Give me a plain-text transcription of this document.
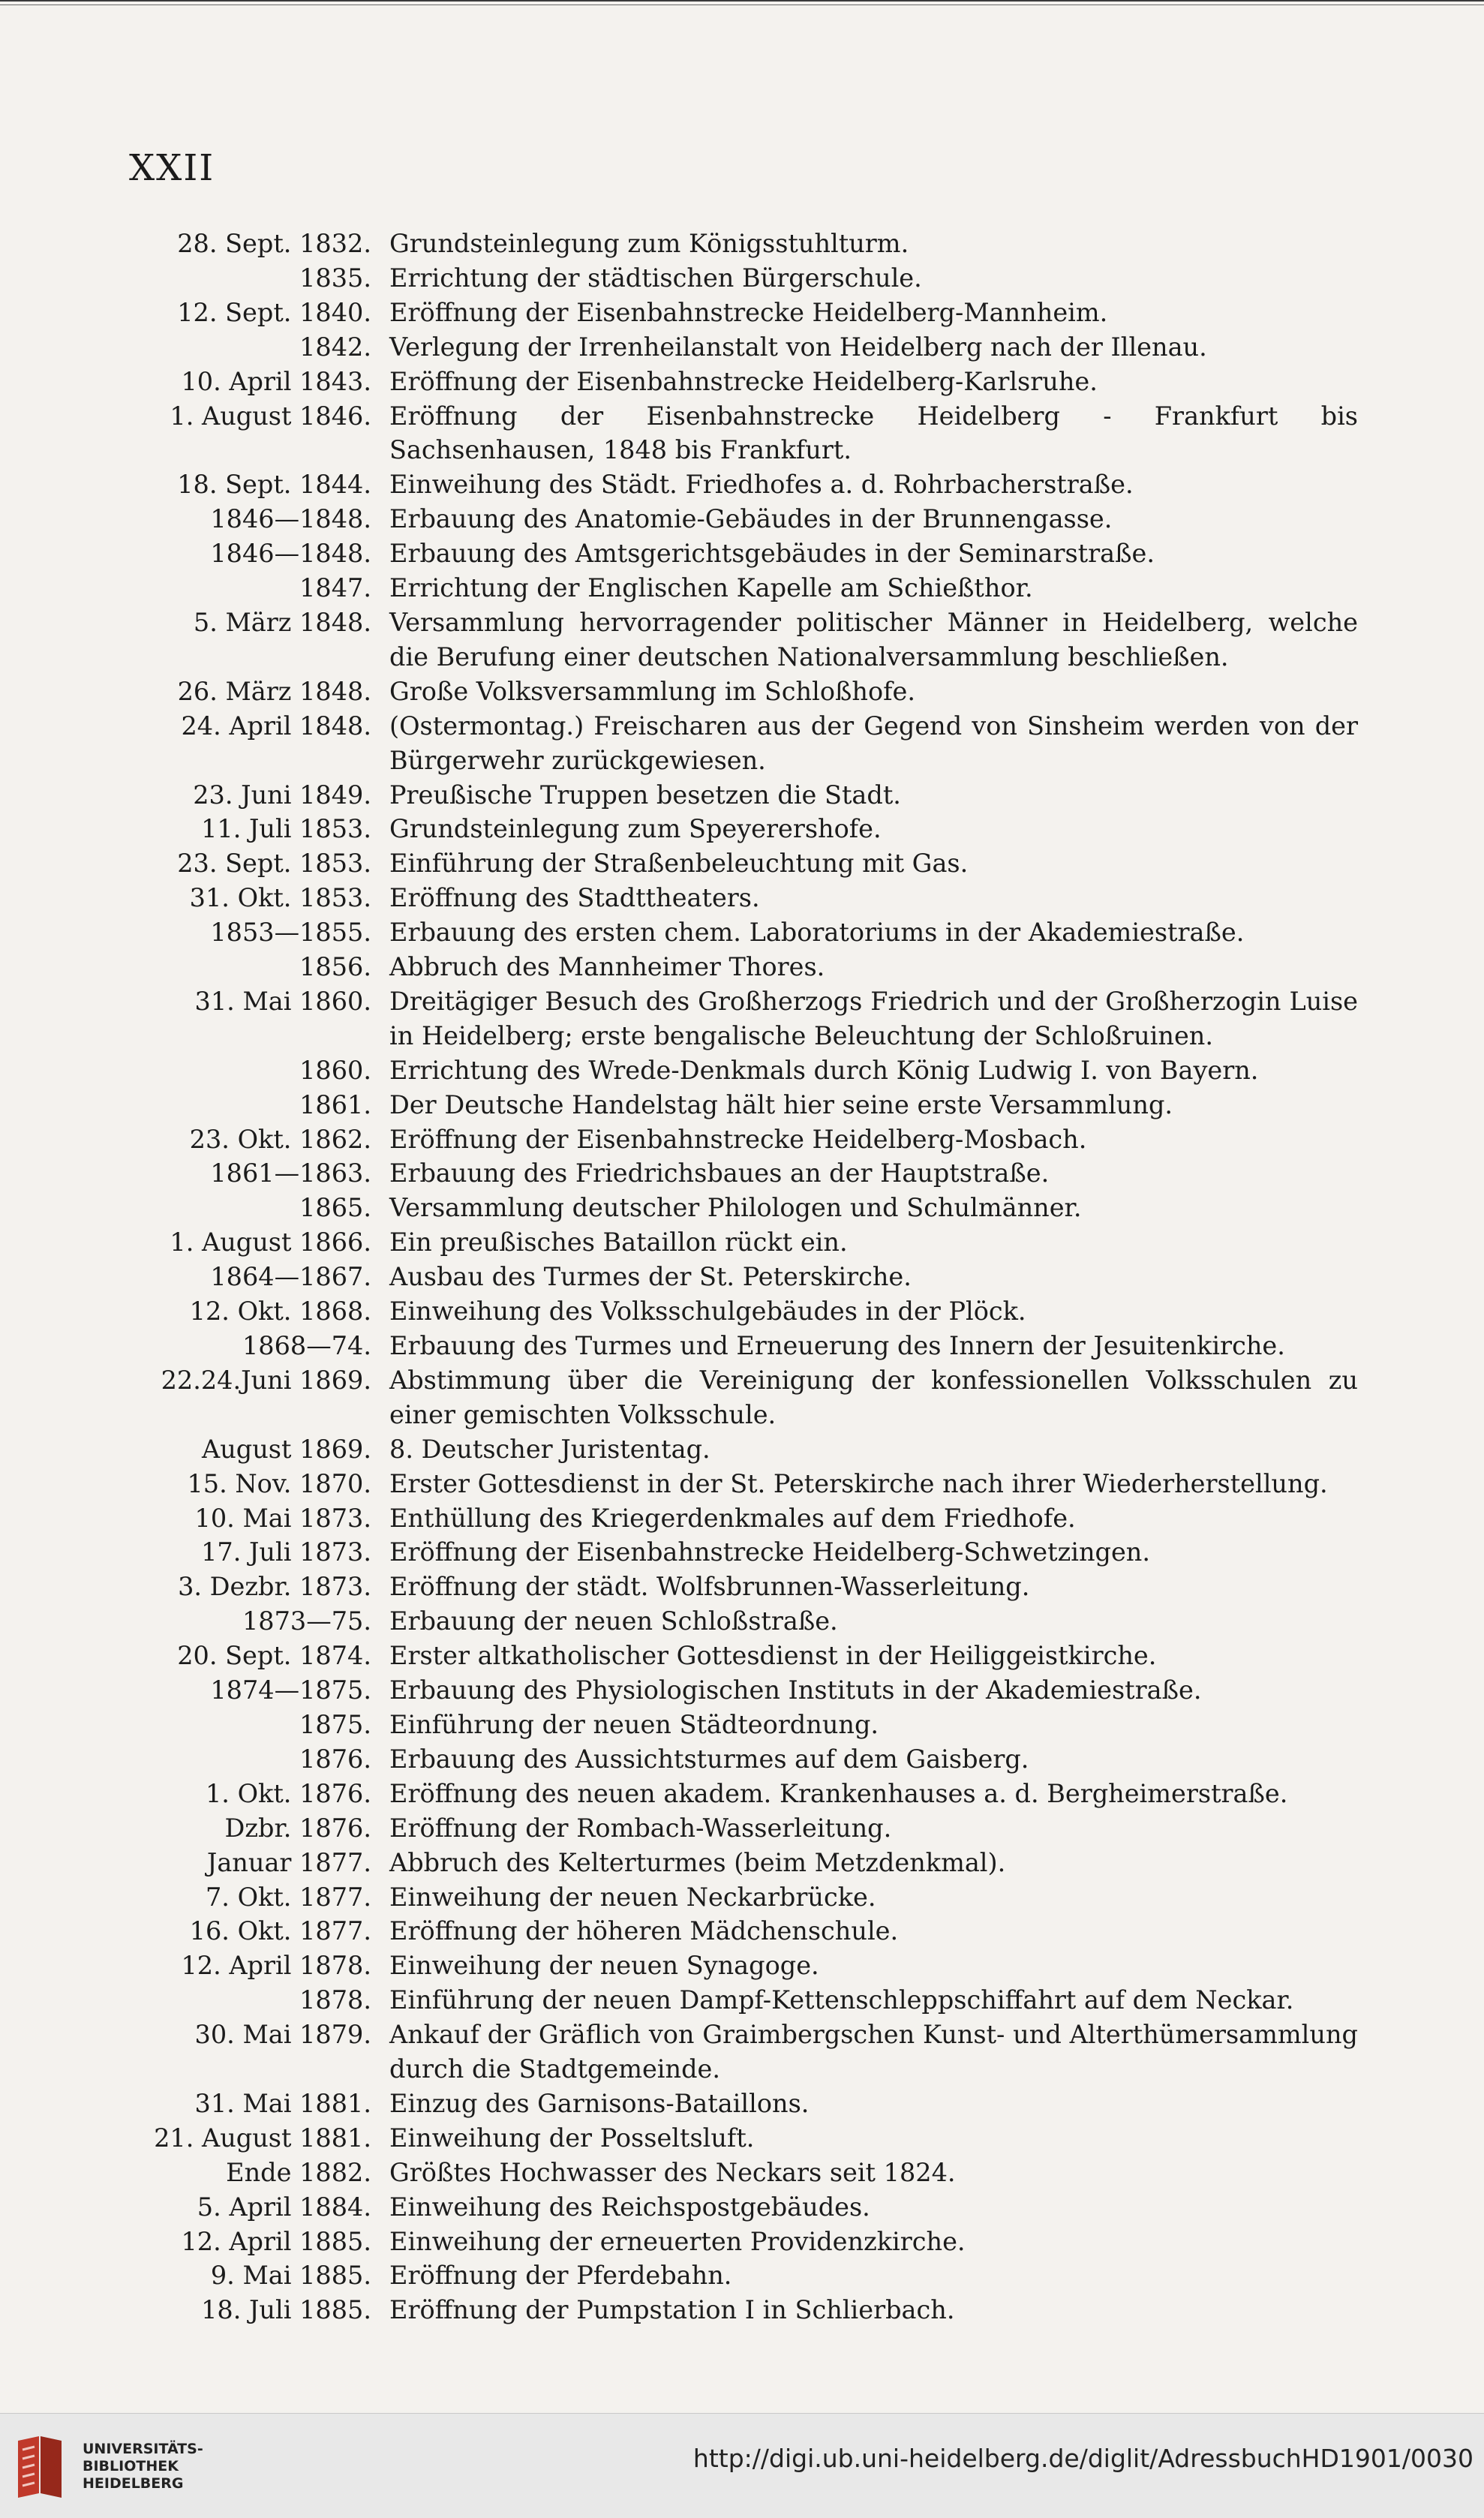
XXII
28. Sept. 1832. Grundsteinlegung zum Königsstuhlturm.
1835. Errichtung der städtischen Bürgerschule.
12. Sept. 1840. Eröffnung der Eisenbahnstrecke Heidelberg-Mannheim.
1842. Verlegung der Irrenheilanstalt von Heidelberg nach der Illenau.
10. April 1843. Eröffnung der Eisenbahnstrecke Heidelberg-Karlsruhe.
1. August 1846. Eröffnung der Eisenbahnstrecke Heidelberg - Frankfurt bis Sachsenhausen, 1848 bis Frankfurt.
18. Sept. 1844. Einweihung des Städt. Friedhofes a. d. Rohrbacherstraße.
1846—1848. Erbauung des Anatomie-Gebäudes in der Brunnengasse.
1846—1848. Erbauung des Amtsgerichtsgebäudes in der Seminarstraße.
1847. Errichtung der Englischen Kapelle am Schießthor.
5. März 1848. Versammlung hervorragender politischer Männer in Heidelberg, welche die Berufung einer deutschen Nationalversammlung beschließen.
26. März 1848. Große Volksversammlung im Schloßhofe.
24. April 1848. (Ostermontag.) Freischaren aus der Gegend von Sinsheim werden von der Bürgerwehr zurückgewiesen.
23. Juni 1849. Preußische Truppen besetzen die Stadt.
11. Juli 1853. Grundsteinlegung zum Speyerershofe.
23. Sept. 1853. Einführung der Straßenbeleuchtung mit Gas.
31. Okt. 1853. Eröffnung des Stadttheaters.
1853—1855. Erbauung des ersten chem. Laboratoriums in der Akademiestraße.
1856. Abbruch des Mannheimer Thores.
31. Mai 1860. Dreitägiger Besuch des Großherzogs Friedrich und der Großherzogin Luise in Heidelberg; erste bengalische Beleuchtung der Schloßruinen.
1860. Errichtung des Wrede-Denkmals durch König Ludwig I. von Bayern.
1861. Der Deutsche Handelstag hält hier seine erste Versammlung.
23. Okt. 1862. Eröffnung der Eisenbahnstrecke Heidelberg-Mosbach.
1861—1863. Erbauung des Friedrichsbaues an der Hauptstraße.
1865. Versammlung deutscher Philologen und Schulmänner.
1. August 1866. Ein preußisches Bataillon rückt ein.
1864—1867. Ausbau des Turmes der St. Peterskirche.
12. Okt. 1868. Einweihung des Volksschulgebäudes in der Plöck.
1868—74. Erbauung des Turmes und Erneuerung des Innern der Jesuitenkirche.
22.24.Juni 1869. Abstimmung über die Vereinigung der konfessionellen Volksschulen zu einer gemischten Volksschule.
August 1869. 8. Deutscher Juristentag.
15. Nov. 1870. Erster Gottesdienst in der St. Peterskirche nach ihrer Wiederherstellung.
10. Mai 1873. Enthüllung des Kriegerdenkmales auf dem Friedhofe.
17. Juli 1873. Eröffnung der Eisenbahnstrecke Heidelberg-Schwetzingen.
3. Dezbr. 1873. Eröffnung der städt. Wolfsbrunnen-Wasserleitung.
1873—75. Erbauung der neuen Schloßstraße.
20. Sept. 1874. Erster altkatholischer Gottesdienst in der Heiliggeistkirche.
1874—1875. Erbauung des Physiologischen Instituts in der Akademiestraße.
1875. Einführung der neuen Städteordnung.
1876. Erbauung des Aussichtsturmes auf dem Gaisberg.
1. Okt. 1876. Eröffnung des neuen akadem. Krankenhauses a. d. Bergheimerstraße.
Dzbr. 1876. Eröffnung der Rombach-Wasserleitung.
Januar 1877. Abbruch des Kelterturmes (beim Metzdenkmal).
7. Okt. 1877. Einweihung der neuen Neckarbrücke.
16. Okt. 1877. Eröffnung der höheren Mädchenschule.
12. April 1878. Einweihung der neuen Synagoge.
1878. Einführung der neuen Dampf-Kettenschleppschiffahrt auf dem Neckar.
30. Mai 1879. Ankauf der Gräflich von Graimbergschen Kunst- und Alterthümersammlung durch die Stadtgemeinde.
31. Mai 1881. Einzug des Garnisons-Bataillons.
21. August 1881. Einweihung der Posseltsluft.
Ende 1882. Größtes Hochwasser des Neckars seit 1824.
5. April 1884. Einweihung des Reichspostgebäudes.
12. April 1885. Einweihung der erneuerten Providenzkirche.
9. Mai 1885. Eröffnung der Pferdebahn.
18. Juli 1885. Eröffnung der Pumpstation I in Schlierbach.
UNIVERSITÄTS-
BIBLIOTHEK
HEIDELBERG
http://digi.ub.uni-heidelberg.de/diglit/AdressbuchHD1901/0030
